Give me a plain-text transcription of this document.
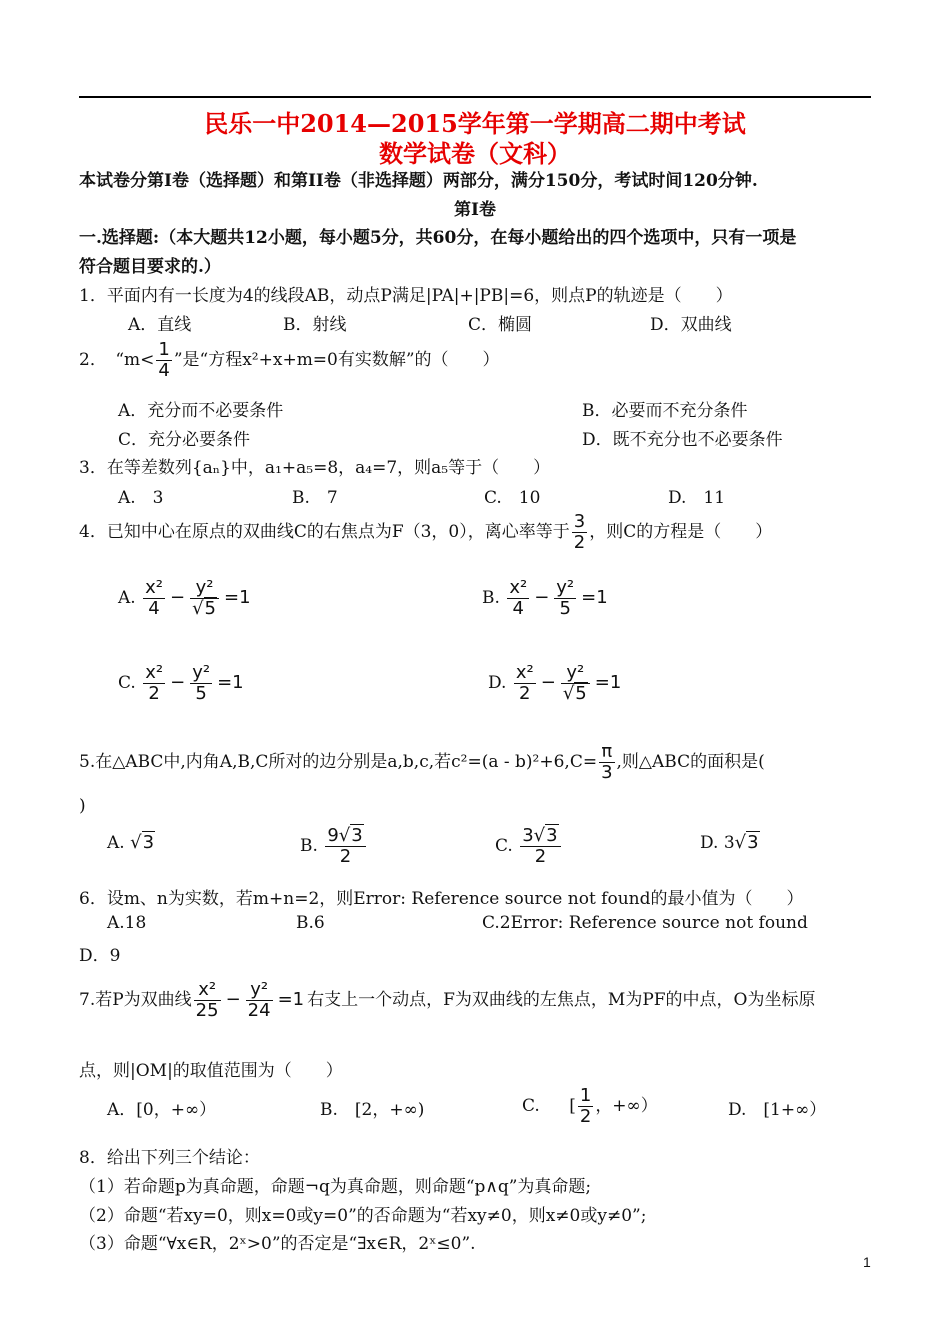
民乐一中2014—2015学年第一学期高二期中考试
数学试卷（文科）
本试卷分第Ⅰ卷（选择题）和第II卷（非选择题）两部分，满分150分，考试时间120分钟.
第Ⅰ卷
一.选择题:（本大题共12小题，每小题5分，共60分，在每小题给出的四个选项中，只有一项是
符合题目要求的.）
1．平面内有一长度为4的线段AB，动点P满足|PA|+|PB|=6，则点P的轨迹是（　　）
A．直线	B．射线	C．椭圆	D．双曲线
2．　“$m< \frac{1}{4}$ ”是“方程x²+x+m=0有实数解”的（　　）
A．充分而不必要条件	B．必要而不充分条件
C．充分必要条件	D．既不充分也不必要条件
3．在等差数列{aₙ}中，a₁+a₅=8，a₄=7，则a₅等于（　　）
A.　3	B.　7	C.　10	D.　11
4．已知中心在原点的双曲线C的右焦点为F（3，0），离心率等于 $\frac{3}{2}$ ，则C的方程是（　　）
A. $\frac{\text{x²}}{4} - \frac{\text{y²}}{√5} =1$	B. $\frac{\text{x²}}{4} - \frac{\text{y²}}{5} =1$
C. $\frac{\text{x²}}{2} - \frac{\text{y²}}{5} =1$	D. $\frac{\text{x²}}{2} - \frac{\text{y²}}{√5} =1$
5.在△ABC中,内角A,B,C所对的边分别是a,b,c,若$c^2=(a - b)^2+6,C= \frac{\pi}{3}$ ,则△ABC的面积是(
)
A. √3	B. $\frac{9√3}{2}$	C. $\frac{3√3}{2}$	D. 3√3
6．设m、n为实数，若m+n=2，则Error: Reference source not found的最小值为（　　）
A.18	B.6	C.2Error: Reference source not found
D．9
7.若P为双曲线 $\frac{\text{x²}}{25} - \frac{\text{y²}}{24} =1$ 右支上一个动点，F为双曲线的左焦点，M为PF的中点，O为坐标原
点，则|OM|的取值范围为（　　）
A．[0，+∞）	B.　[2，+∞)	C. [ $\frac{1}{2}$ ，+∞）	D.　[1+∞）
8．给出下列三个结论：
（1）若命题p为真命题，命题¬q为真命题，则命题“p∧q”为真命题;
（2）命题“若xy=0，则x=0或y=0”的否命题为“若xy≠0，则x≠0或y≠0”;
（3）命题“∀x∈R，2ˣ>0”的否定是“∃x∈R，2ˣ≤0”.
1
